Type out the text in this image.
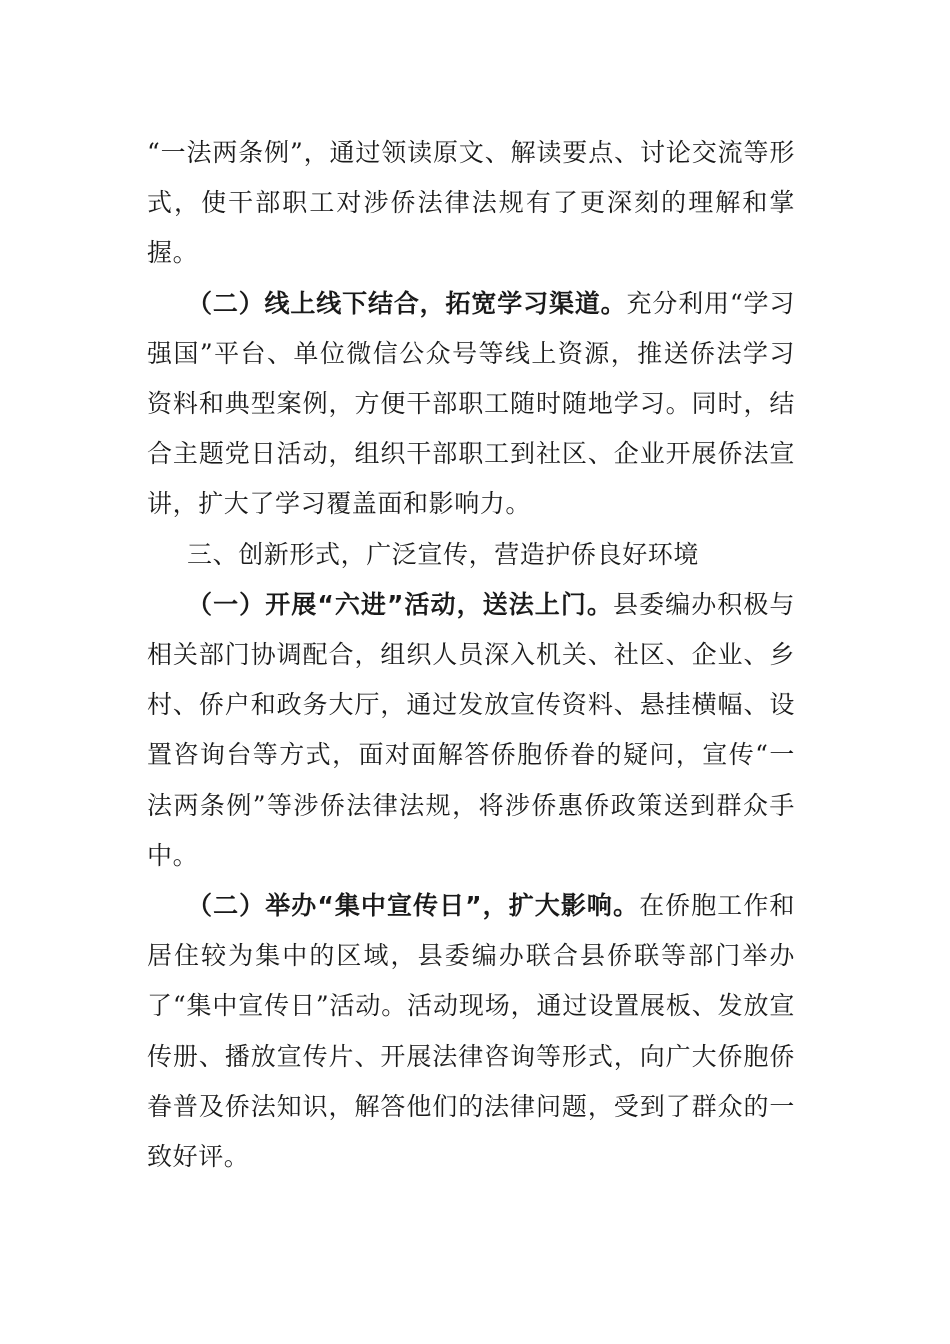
“一法两条例”，通过领读原文、解读要点、讨论交流等形式，使干部职工对涉侨法律法规有了更深刻的理解和掌握。

（二）线上线下结合，拓宽学习渠道。充分利用“学习强国”平台、单位微信公众号等线上资源，推送侨法学习资料和典型案例，方便干部职工随时随地学习。同时，结合主题党日活动，组织干部职工到社区、企业开展侨法宣讲，扩大了学习覆盖面和影响力。

三、创新形式，广泛宣传，营造护侨良好环境

（一）开展“六进”活动，送法上门。县委编办积极与相关部门协调配合，组织人员深入机关、社区、企业、乡村、侨户和政务大厅，通过发放宣传资料、悬挂横幅、设置咨询台等方式，面对面解答侨胞侨眷的疑问，宣传“一法两条例”等涉侨法律法规，将涉侨惠侨政策送到群众手中。

（二）举办“集中宣传日”，扩大影响。在侨胞工作和居住较为集中的区域，县委编办联合县侨联等部门举办了“集中宣传日”活动。活动现场，通过设置展板、发放宣传册、播放宣传片、开展法律咨询等形式，向广大侨胞侨眷普及侨法知识，解答他们的法律问题，受到了群众的一致好评。
